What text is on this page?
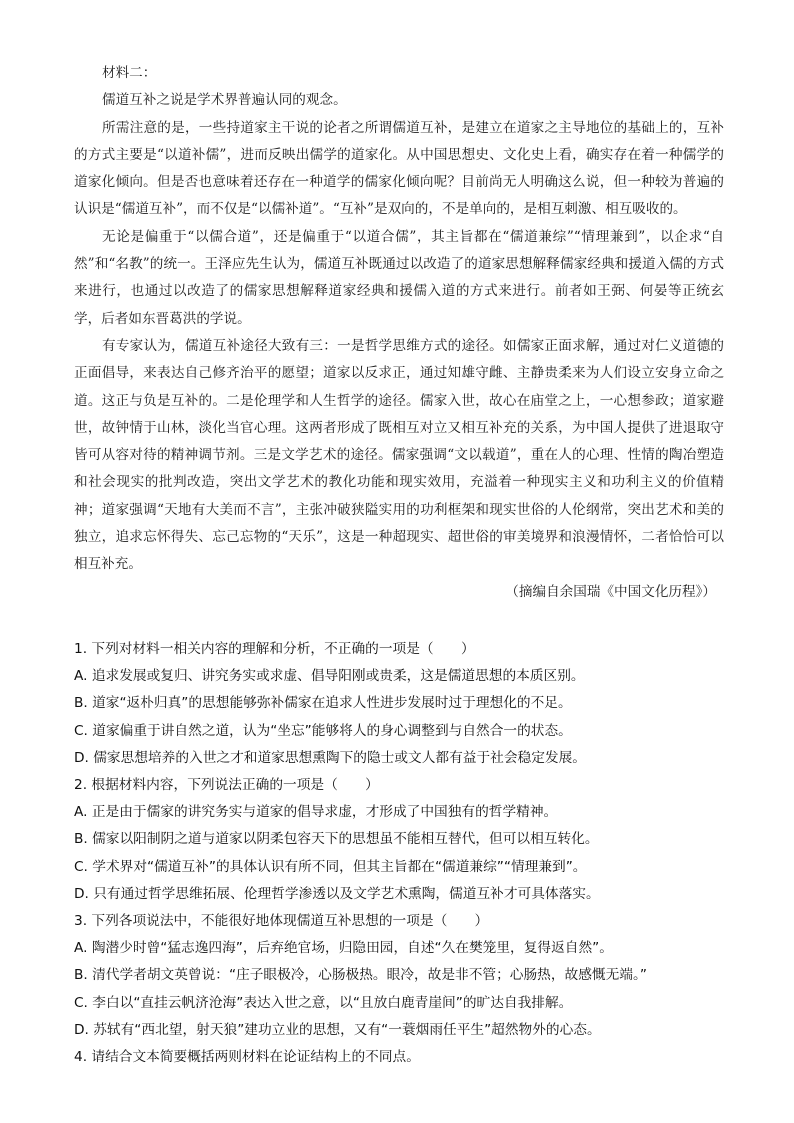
材料二：
儒道互补之说是学术界普遍认同的观念。
所需注意的是，一些持道家主干说的论者之所谓儒道互补，是建立在道家之主导地位的基础上的，互补的方式主要是“以道补儒”，进而反映出儒学的道家化。从中国思想史、文化史上看，确实存在着一种儒学的道家化倾向。但是否也意味着还存在一种道学的儒家化倾向呢？目前尚无人明确这么说，但一种较为普遍的认识是“儒道互补”，而不仅是“以儒补道”。“互补”是双向的，不是单向的，是相互刺激、相互吸收的。
无论是偏重于“以儒合道”，还是偏重于“以道合儒”，其主旨都在“儒道兼综”“情理兼到”，以企求“自然”和“名教”的统一。王泽应先生认为，儒道互补既通过以改造了的道家思想解释儒家经典和援道入儒的方式来进行，也通过以改造了的儒家思想解释道家经典和援儒入道的方式来进行。前者如王弼、何晏等正统玄学，后者如东晋葛洪的学说。
有专家认为，儒道互补途径大致有三：一是哲学思维方式的途径。如儒家正面求解，通过对仁义道德的正面倡导，来表达自己修齐治平的愿望；道家以反求正，通过知雄守雌、主静贵柔来为人们设立安身立命之道。这正与负是互补的。二是伦理学和人生哲学的途径。儒家入世，故心在庙堂之上，一心想参政；道家避世，故钟情于山林，淡化当官心理。这两者形成了既相互对立又相互补充的关系，为中国人提供了进退取守皆可从容对待的精神调节剂。三是文学艺术的途径。儒家强调“文以载道”，重在人的心理、性情的陶冶塑造和社会现实的批判改造，突出文学艺术的教化功能和现实效用，充溢着一种现实主义和功利主义的价值精神；道家强调“天地有大美而不言”，主张冲破狭隘实用的功利框架和现实世俗的人伦纲常，突出艺术和美的独立，追求忘怀得失、忘己忘物的“天乐”，这是一种超现实、超世俗的审美境界和浪漫情怀，二者恰恰可以相互补充。
（摘编自余国瑞《中国文化历程》）
1. 下列对材料一相关内容的理解和分析，不正确的一项是（　　）
A. 追求发展或复归、讲究务实或求虚、倡导阳刚或贵柔，这是儒道思想的本质区别。
B. 道家“返朴归真”的思想能够弥补儒家在追求人性进步发展时过于理想化的不足。
C. 道家偏重于讲自然之道，认为“坐忘”能够将人的身心调整到与自然合一的状态。
D. 儒家思想培养的入世之才和道家思想熏陶下的隐士或文人都有益于社会稳定发展。
2. 根据材料内容，下列说法正确的一项是（　　）
A. 正是由于儒家的讲究务实与道家的倡导求虚，才形成了中国独有的哲学精神。
B. 儒家以阳制阴之道与道家以阴柔包容天下的思想虽不能相互替代，但可以相互转化。
C. 学术界对“儒道互补”的具体认识有所不同，但其主旨都在“儒道兼综”“情理兼到”。
D. 只有通过哲学思维拓展、伦理哲学渗透以及文学艺术熏陶，儒道互补才可具体落实。
3. 下列各项说法中，不能很好地体现儒道互补思想的一项是（　　）
A. 陶潜少时曾“猛志逸四海”，后弃绝官场，归隐田园，自述“久在樊笼里，复得返自然”。
B. 清代学者胡文英曾说：“庄子眼极冷，心肠极热。眼冷，故是非不管；心肠热，故感慨无端。”
C. 李白以“直挂云帆济沧海”表达入世之意，以“且放白鹿青崖间”的旷达自我排解。
D. 苏轼有“西北望，射天狼”建功立业的思想，又有“一蓑烟雨任平生”超然物外的心态。
4. 请结合文本简要概括两则材料在论证结构上的不同点。
